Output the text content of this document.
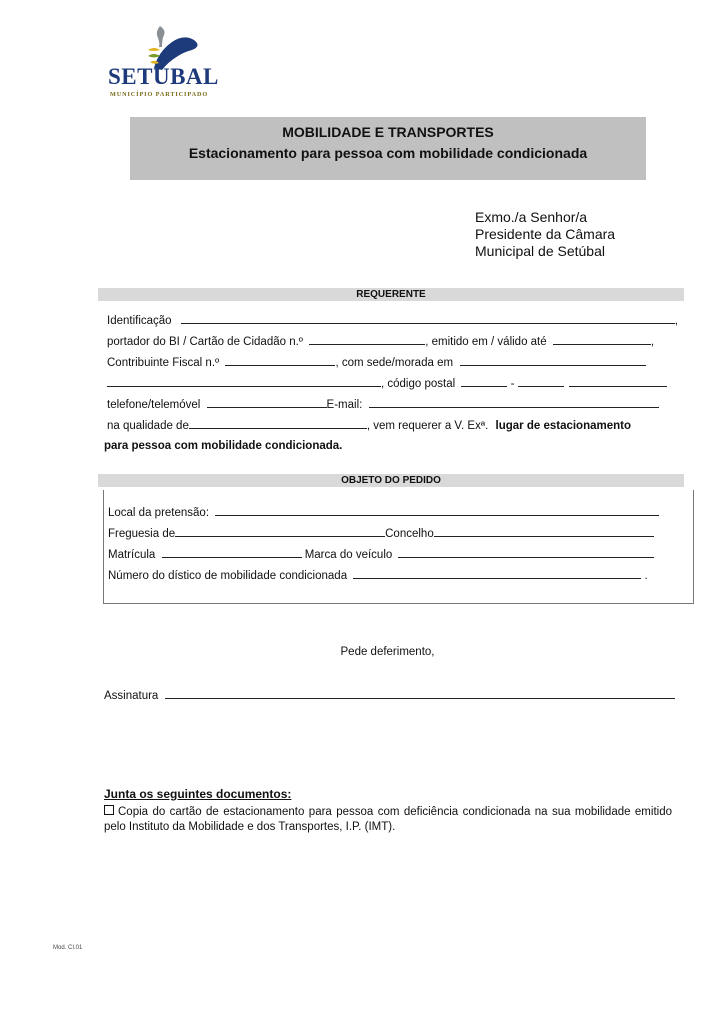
SETÚBAL
MUNICÍPIO PARTICIPADO
MOBILIDADE E TRANSPORTES
Estacionamento para pessoa com mobilidade condicionada
Exmo./a Senhor/a
Presidente da Câmara
Municipal de Setúbal
REQUERENTE
Identificação	,
portador do BI / Cartão de Cidadão n.º	, emitido em / válido até	,
Contribuinte Fiscal n.º	, com sede/morada em
, código postal	-
telefone/telemóvel	E-mail:
na qualidade de	, vem requerer a V. Exª. lugar de estacionamento
para pessoa com mobilidade condicionada.
OBJETO DO PEDIDO
Local da pretensão:
Freguesia de	Concelho
Matrícula	Marca do veículo
Número do dístico de mobilidade condicionada	.
Pede deferimento,
Assinatura
Junta os seguintes documentos:
Copia do cartão de estacionamento para pessoa com deficiência condicionada na sua mobilidade emitido pelo Instituto da Mobilidade e dos Transportes, I.P. (IMT).
Mod. CI.01
